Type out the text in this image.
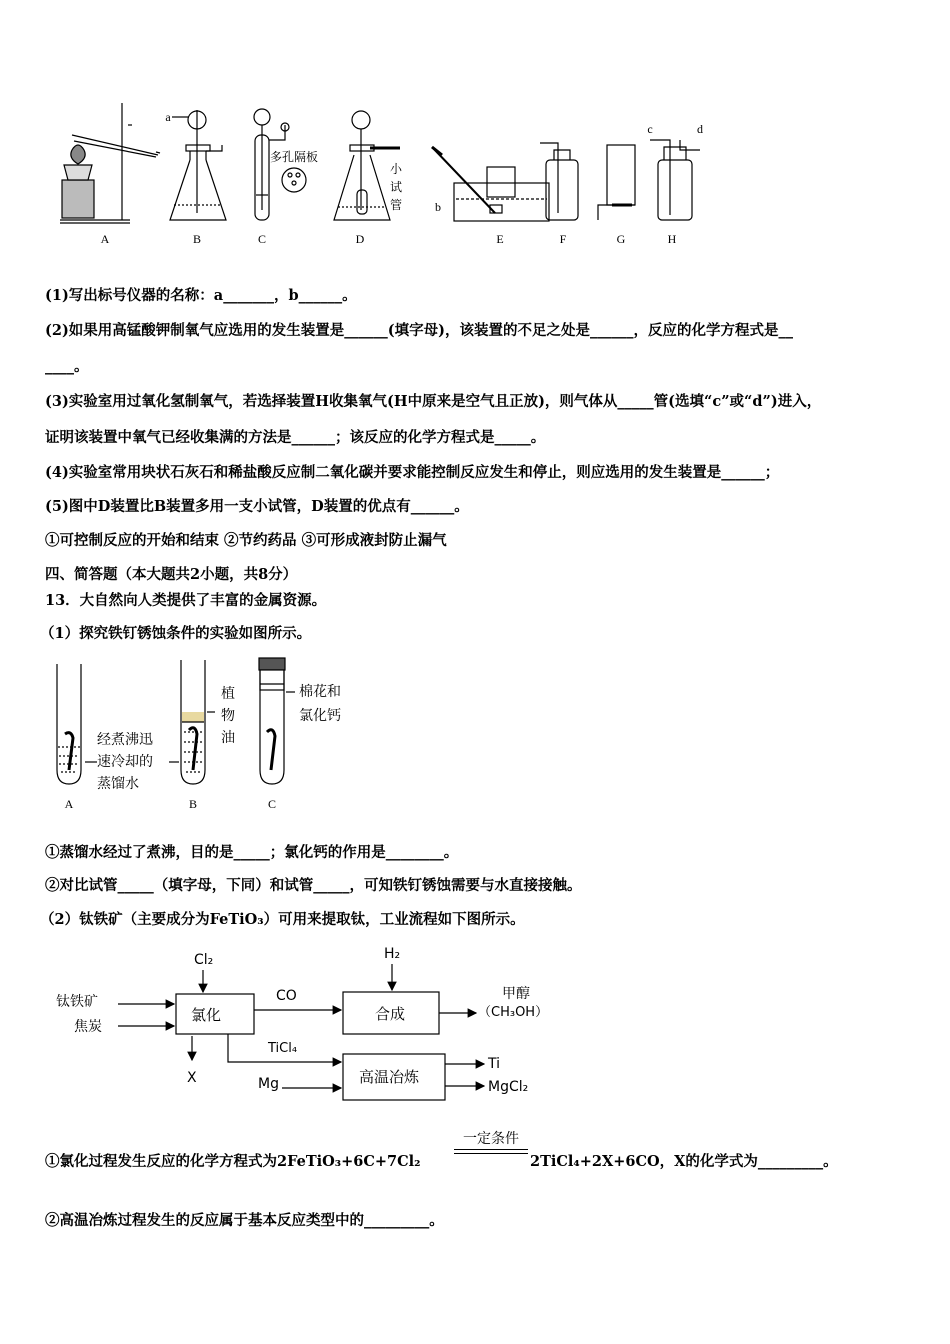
A	B	C	D	E	F	G	H
a
b
c	d
多孔隔板
小
试
管
(1)写出标号仪器的名称：a_______，b______。
(2)如果用高锰酸钾制氧气应选用的发生装置是______(填字母)，该装置的不足之处是______，反应的化学方程式是__
____。
(3)实验室用过氧化氢制氧气，若选择装置H收集氧气(H中原来是空气且正放)，则气体从_____管(选填“c”或“d”)进入，
证明该装置中氧气已经收集满的方法是______；该反应的化学方程式是_____。
(4)实验室常用块状石灰石和稀盐酸反应制二氧化碳并要求能控制反应发生和停止，则应选用的发生装置是______；
(5)图中D装置比B装置多用一支小试管，D装置的优点有______。
①可控制反应的开始和结束 ②节约药品 ③可形成液封防止漏气
四、简答题（本大题共2小题，共8分）
13．大自然向人类提供了丰富的金属资源。
（1）探究铁钉锈蚀条件的实验如图所示。
A	B	C
经煮沸迅
速冷却的
蒸馏水
植
物
油
棉花和
氯化钙
①蒸馏水经过了煮沸，目的是_____；氯化钙的作用是________。
②对比试管_____（填字母，下同）和试管_____，可知铁钉锈蚀需要与水直接接触。
（2）钛铁矿（主要成分为FeTiO₃）可用来提取钛，工业流程如下图所示。
Cl₂	H₂
钛铁矿
焦炭
氯化
CO
合成
甲醇
（CH₃OH）
X
TiCl₄
Mg	高温冶炼
Ti
MgCl₂
一定条件
①氯化过程发生反应的化学方程式为2FeTiO₃+6C+7Cl₂	2TiCl₄+2X+6CO，X的化学式为_________。
②高温冶炼过程发生的反应属于基本反应类型中的_________。
